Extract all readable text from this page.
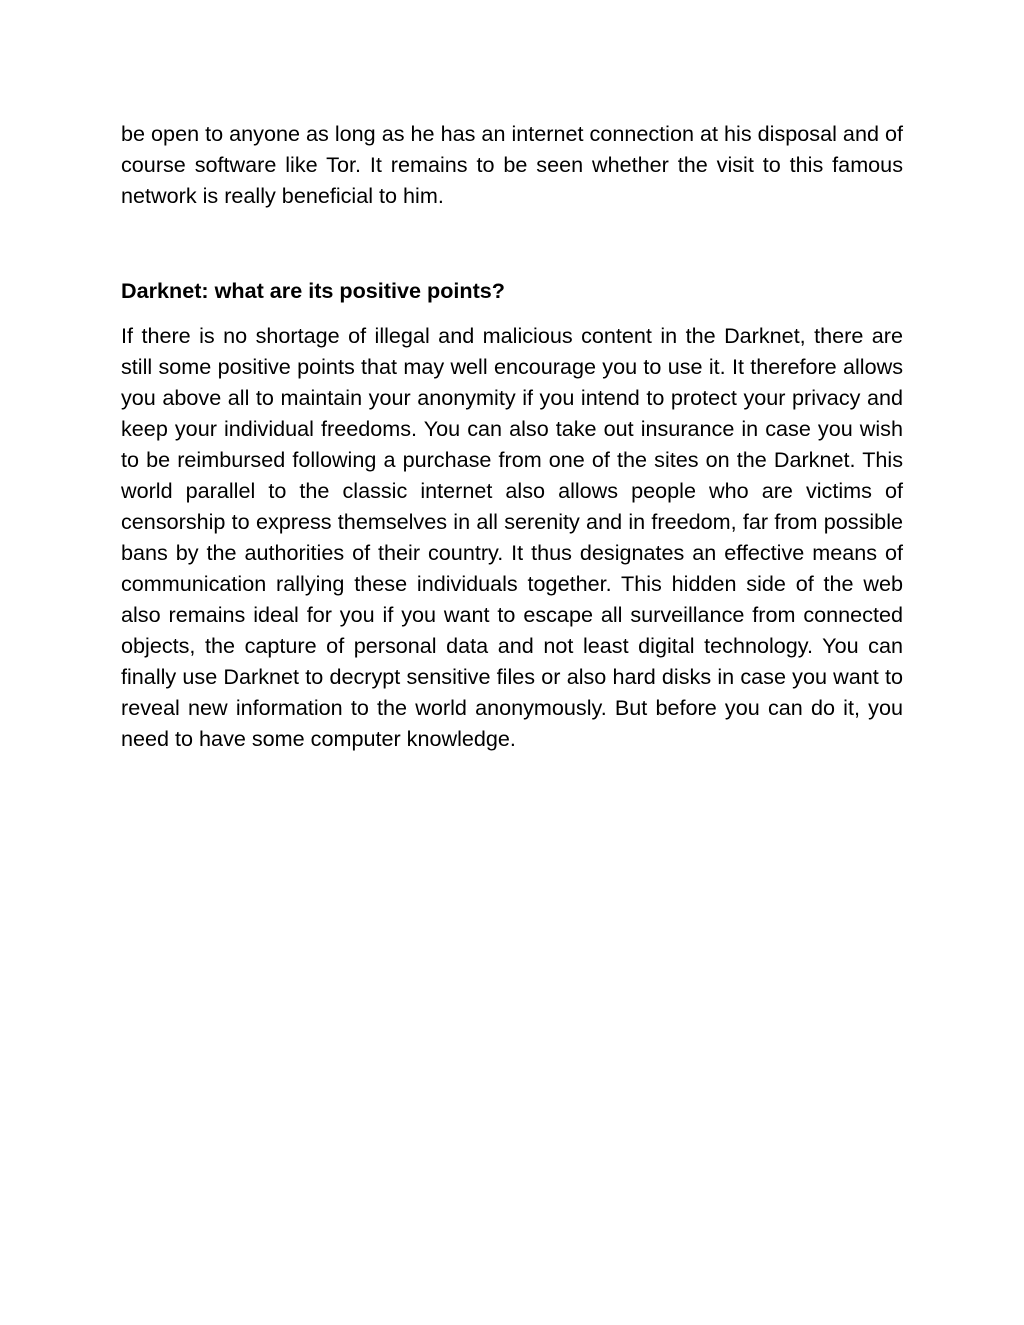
be open to anyone as long as he has an internet connection at his disposal and of course software like Tor. It remains to be seen whether the visit to this famous network is really beneficial to him.

Darknet: what are its positive points?

If there is no shortage of illegal and malicious content in the Darknet, there are still some positive points that may well encourage you to use it. It therefore allows you above all to maintain your anonymity if you intend to protect your privacy and keep your individual freedoms. You can also take out insurance in case you wish to be reimbursed following a purchase from one of the sites on the Darknet. This world parallel to the classic internet also allows people who are victims of censorship to express themselves in all serenity and in freedom, far from possible bans by the authorities of their country. It thus designates an effective means of communication rallying these individuals together. This hidden side of the web also remains ideal for you if you want to escape all surveillance from connected objects, the capture of personal data and not least digital technology. You can finally use Darknet to decrypt sensitive files or also hard disks in case you want to reveal new information to the world anonymously. But before you can do it, you need to have some computer knowledge.
